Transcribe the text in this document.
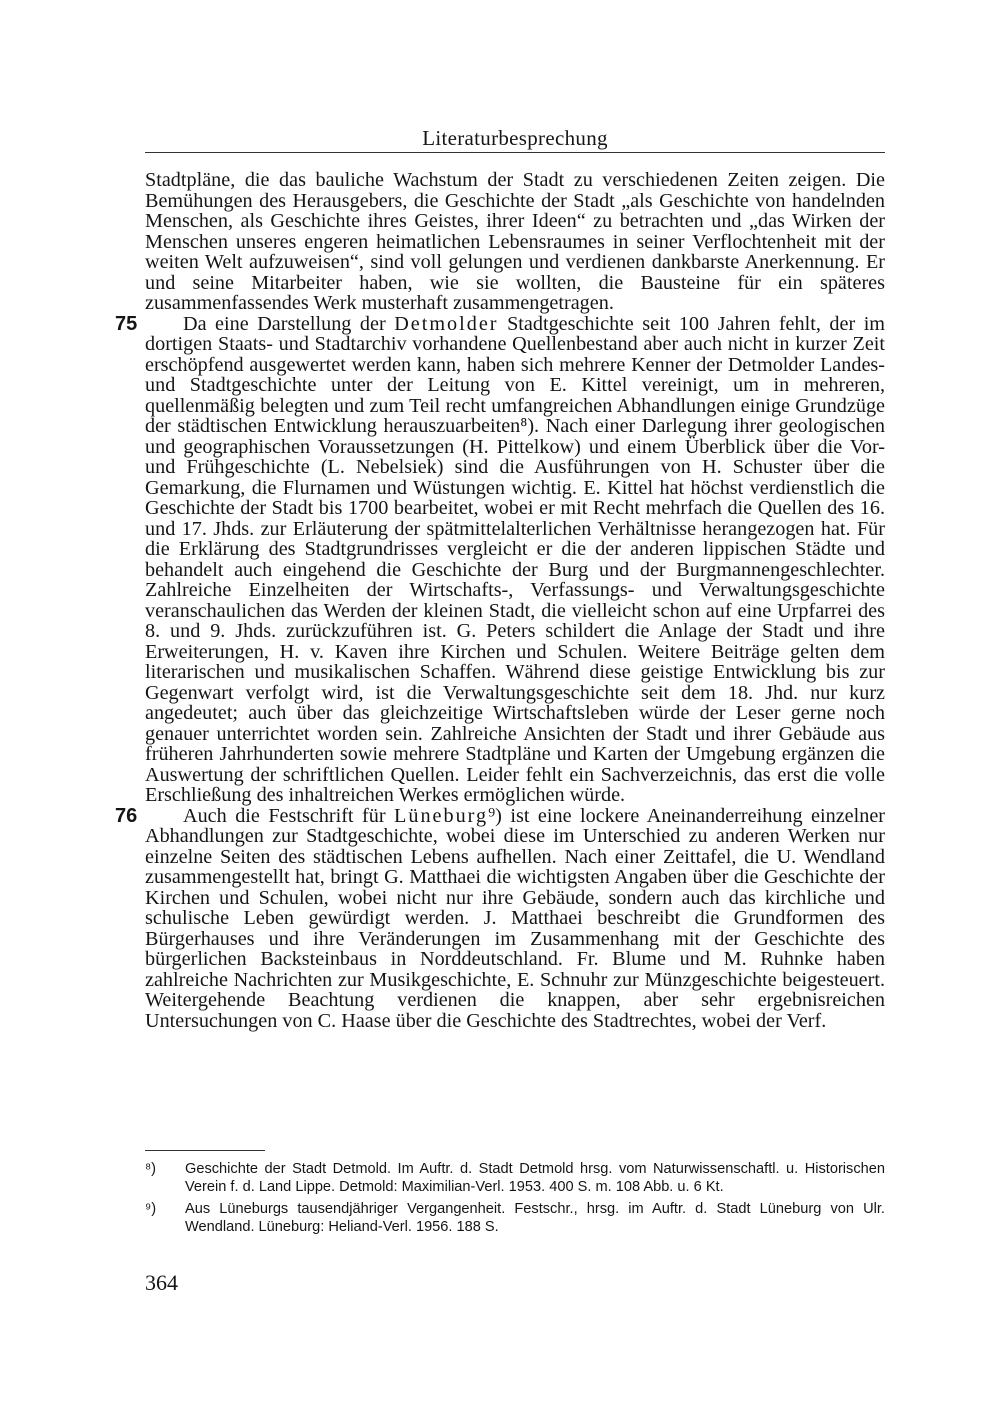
Literaturbesprechung

Stadtpläne, die das bauliche Wachstum der Stadt zu verschiedenen Zeiten zeigen. Die Bemühungen des Herausgebers, die Geschichte der Stadt „als Geschichte von handelnden Menschen, als Geschichte ihres Geistes, ihrer Ideen“ zu betrachten und „das Wirken der Menschen unseres engeren heimatlichen Lebensraumes in seiner Verflochtenheit mit der weiten Welt aufzuweisen“, sind voll gelungen und verdienen dankbarste Anerkennung. Er und seine Mitarbeiter haben, wie sie wollten, die Bausteine für ein späteres zusammenfassendes Werk musterhaft zusammengetragen.

75 Da eine Darstellung der Detmolder Stadtgeschichte seit 100 Jahren fehlt, der im dortigen Staats- und Stadtarchiv vorhandene Quellenbestand aber auch nicht in kurzer Zeit erschöpfend ausgewertet werden kann, haben sich mehrere Kenner der Detmolder Landes- und Stadtgeschichte unter der Leitung von E. Kittel vereinigt, um in mehreren, quellenmäßig belegten und zum Teil recht umfangreichen Abhandlungen einige Grundzüge der städtischen Entwicklung herauszuarbeiten⁸). Nach einer Darlegung ihrer geologischen und geographischen Voraussetzungen (H. Pittelkow) und einem Überblick über die Vor- und Frühgeschichte (L. Nebelsiek) sind die Ausführungen von H. Schuster über die Gemarkung, die Flurnamen und Wüstungen wichtig. E. Kittel hat höchst verdienstlich die Geschichte der Stadt bis 1700 bearbeitet, wobei er mit Recht mehrfach die Quellen des 16. und 17. Jhds. zur Erläuterung der spätmittelalterlichen Verhältnisse herangezogen hat. Für die Erklärung des Stadtgrundrisses vergleicht er die der anderen lippischen Städte und behandelt auch eingehend die Geschichte der Burg und der Burgmannengeschlechter. Zahlreiche Einzelheiten der Wirtschafts-, Verfassungs- und Verwaltungsgeschichte veranschaulichen das Werden der kleinen Stadt, die vielleicht schon auf eine Urpfarrei des 8. und 9. Jhds. zurückzuführen ist. G. Peters schildert die Anlage der Stadt und ihre Erweiterungen, H. v. Kaven ihre Kirchen und Schulen. Weitere Beiträge gelten dem literarischen und musikalischen Schaffen. Während diese geistige Entwicklung bis zur Gegenwart verfolgt wird, ist die Verwaltungsgeschichte seit dem 18. Jhd. nur kurz angedeutet; auch über das gleichzeitige Wirtschaftsleben würde der Leser gerne noch genauer unterrichtet worden sein. Zahlreiche Ansichten der Stadt und ihrer Gebäude aus früheren Jahrhunderten sowie mehrere Stadtpläne und Karten der Umgebung ergänzen die Auswertung der schriftlichen Quellen. Leider fehlt ein Sachverzeichnis, das erst die volle Erschließung des inhaltreichen Werkes ermöglichen würde.

76 Auch die Festschrift für Lüneburg⁹) ist eine lockere Aneinanderreihung einzelner Abhandlungen zur Stadtgeschichte, wobei diese im Unterschied zu anderen Werken nur einzelne Seiten des städtischen Lebens aufhellen. Nach einer Zeittafel, die U. Wendland zusammengestellt hat, bringt G. Matthaei die wichtigsten Angaben über die Geschichte der Kirchen und Schulen, wobei nicht nur ihre Gebäude, sondern auch das kirchliche und schulische Leben gewürdigt werden. J. Matthaei beschreibt die Grundformen des Bürgerhauses und ihre Veränderungen im Zusammenhang mit der Geschichte des bürgerlichen Backsteinbaus in Norddeutschland. Fr. Blume und M. Ruhnke haben zahlreiche Nachrichten zur Musikgeschichte, E. Schnuhr zur Münzgeschichte beigesteuert. Weitergehende Beachtung verdienen die knappen, aber sehr ergebnisreichen Untersuchungen von C. Haase über die Geschichte des Stadtrechtes, wobei der Verf.

⁸) Geschichte der Stadt Detmold. Im Auftr. d. Stadt Detmold hrsg. vom Naturwissenschaftl. u. Historischen Verein f. d. Land Lippe. Detmold: Maximilian-Verl. 1953. 400 S. m. 108 Abb. u. 6 Kt.
⁹) Aus Lüneburgs tausendjähriger Vergangenheit. Festschr., hrsg. im Auftr. d. Stadt Lüneburg von Ulr. Wendland. Lüneburg: Heliand-Verl. 1956. 188 S.
364
